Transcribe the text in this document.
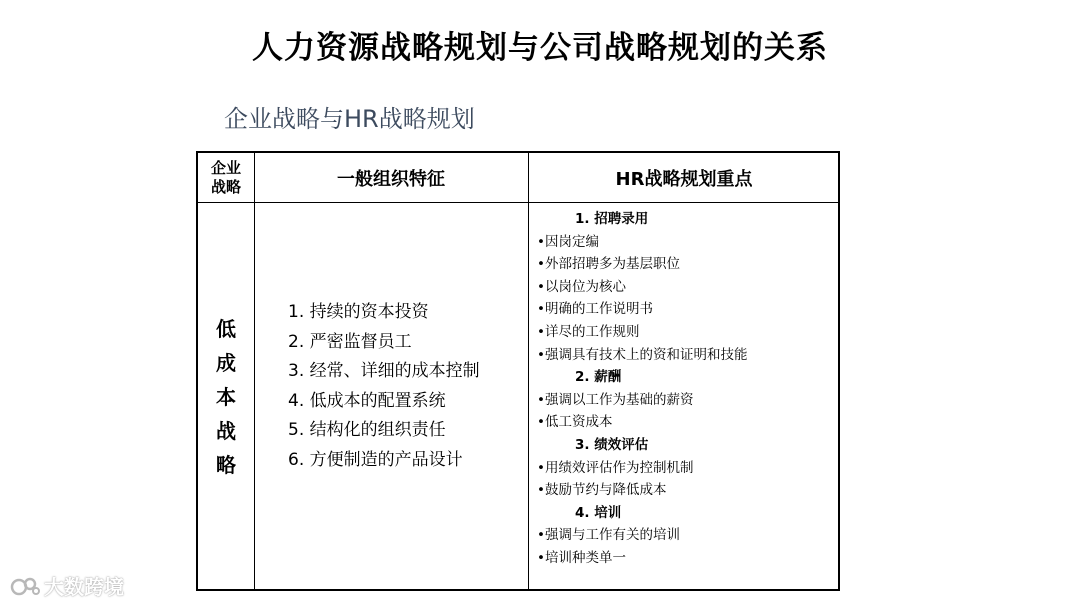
人力资源战略规划与公司战略规划的关系
企业战略与HR战略规划
企业
战略	一般组织特征	HR战略规划重点
低成本战略
1. 持续的资本投资
2. 严密监督员工
3. 经常、详细的成本控制
4. 低成本的配置系统
5. 结构化的组织责任
6. 方便制造的产品设计
1. 招聘录用
• 因岗定编
• 外部招聘多为基层职位
• 以岗位为核心
• 明确的工作说明书
• 详尽的工作规则
• 强调具有技术上的资和证明和技能
2. 薪酬
• 强调以工作为基础的薪资
• 低工资成本
3. 绩效评估
• 用绩效评估作为控制机制
• 鼓励节约与降低成本
4. 培训
• 强调与工作有关的培训
• 培训种类单一
大数跨境
